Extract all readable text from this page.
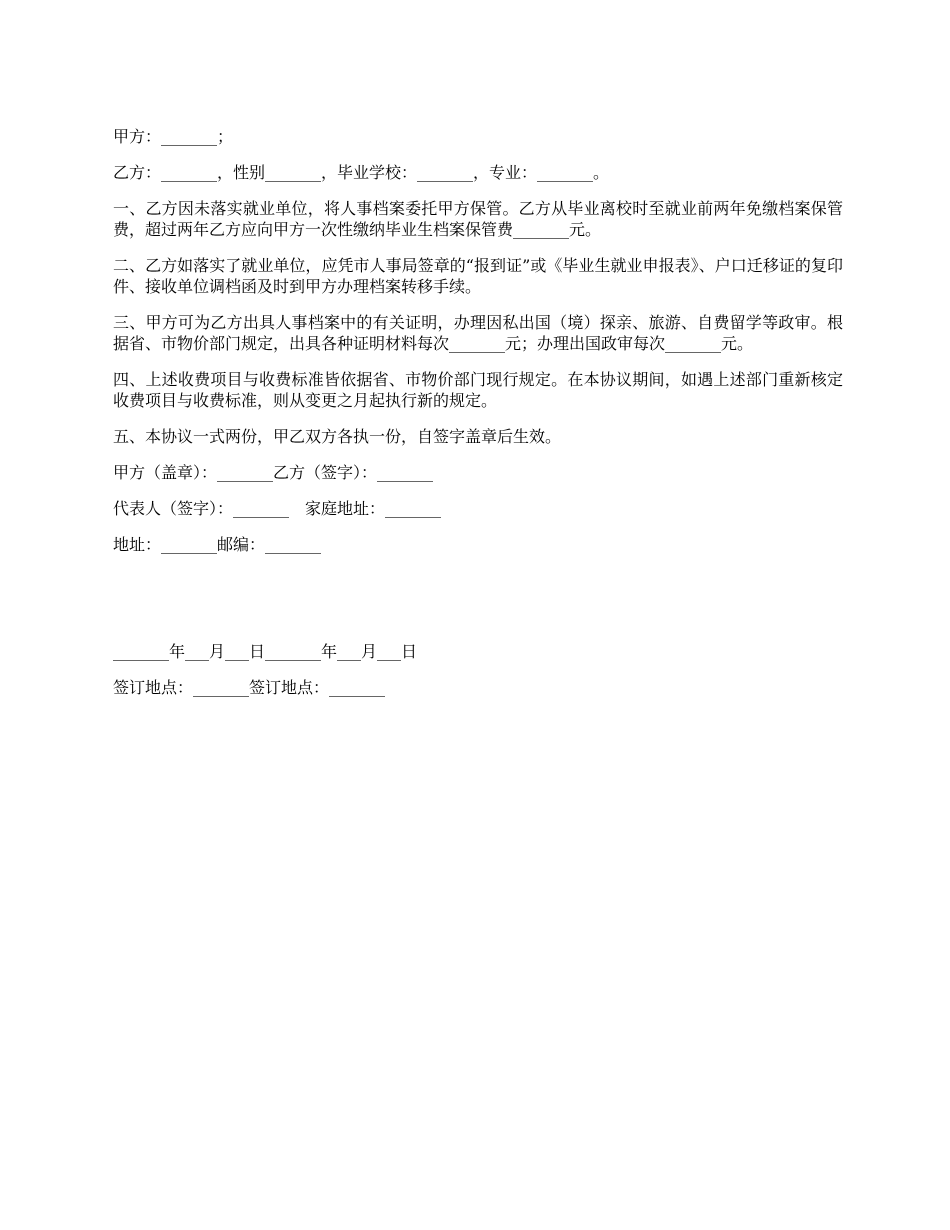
甲方：_______；

乙方：_______，性别_______，毕业学校：_______，专业：_______。

一、乙方因未落实就业单位，将人事档案委托甲方保管。乙方从毕业离校时至就业前两年免缴档案保管费，超过两年乙方应向甲方一次性缴纳毕业生档案保管费_______元。

二、乙方如落实了就业单位，应凭市人事局签章的“报到证”或《毕业生就业申报表》、户口迁移证的复印件、接收单位调档函及时到甲方办理档案转移手续。

三、甲方可为乙方出具人事档案中的有关证明，办理因私出国（境）探亲、旅游、自费留学等政审。根据省、市物价部门规定，出具各种证明材料每次_______元；办理出国政审每次_______元。

四、上述收费项目与收费标准皆依据省、市物价部门现行规定。在本协议期间，如遇上述部门重新核定收费项目与收费标准，则从变更之月起执行新的规定。

五、本协议一式两份，甲乙双方各执一份，自签字盖章后生效。

甲方（盖章）：_______乙方（签字）：_______

代表人（签字）：_______　家庭地址：_______

地址：_______邮编：_______

_______年___月___日_______年___月___日

签订地点：_______签订地点：_______
